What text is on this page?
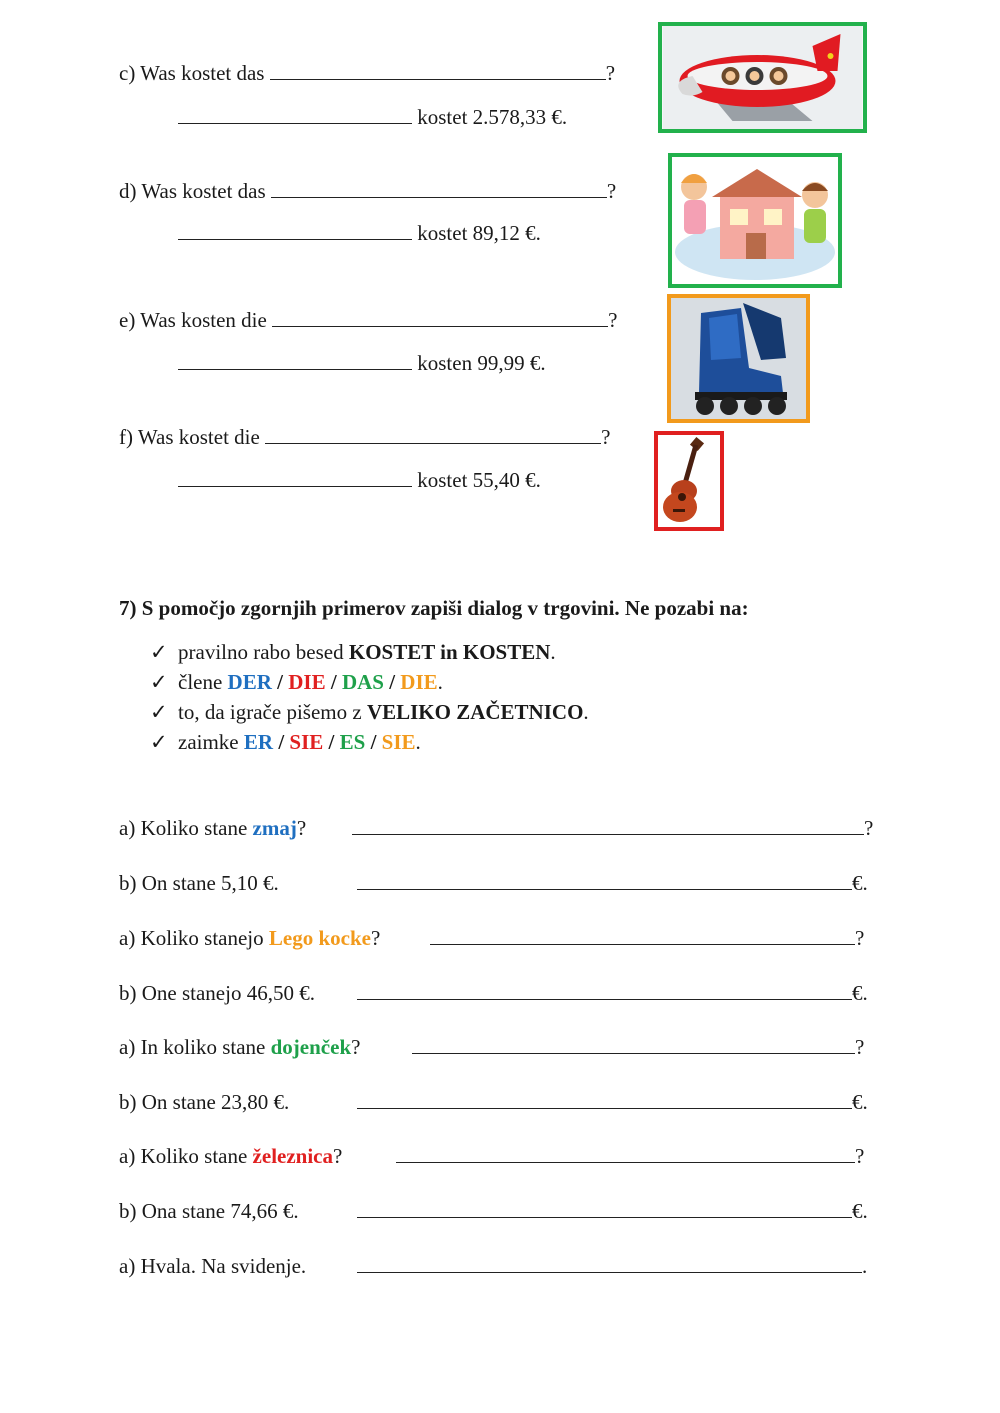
c) Was kostet das	?
kostet 2.578,33 €.
d) Was kostet das	?
kostet 89,12 €.
e) Was kosten die	?
kosten 99,99 €.
f) Was kostet die	?
kostet 55,40 €.
7) S pomočjo zgornjih primerov zapiši dialog v trgovini. Ne pozabi na:
✓ pravilno rabo besed KOSTET in KOSTEN.
✓ člene DER / DIE / DAS / DIE.
✓ to, da igrače pišemo z VELIKO ZAČETNICO.
✓ zaimke ER / SIE / ES / SIE.
a) Koliko stane zmaj?	?
b) On stane 5,10 €.	€.
a) Koliko stanejo Lego kocke?	?
b) One stanejo 46,50 €.	€.
a) In koliko stane dojenček?	?
b) On stane 23,80 €.	€.
a) Koliko stane železnica?	?
b) Ona stane 74,66 €.	€.
a) Hvala. Na svidenje.	.
